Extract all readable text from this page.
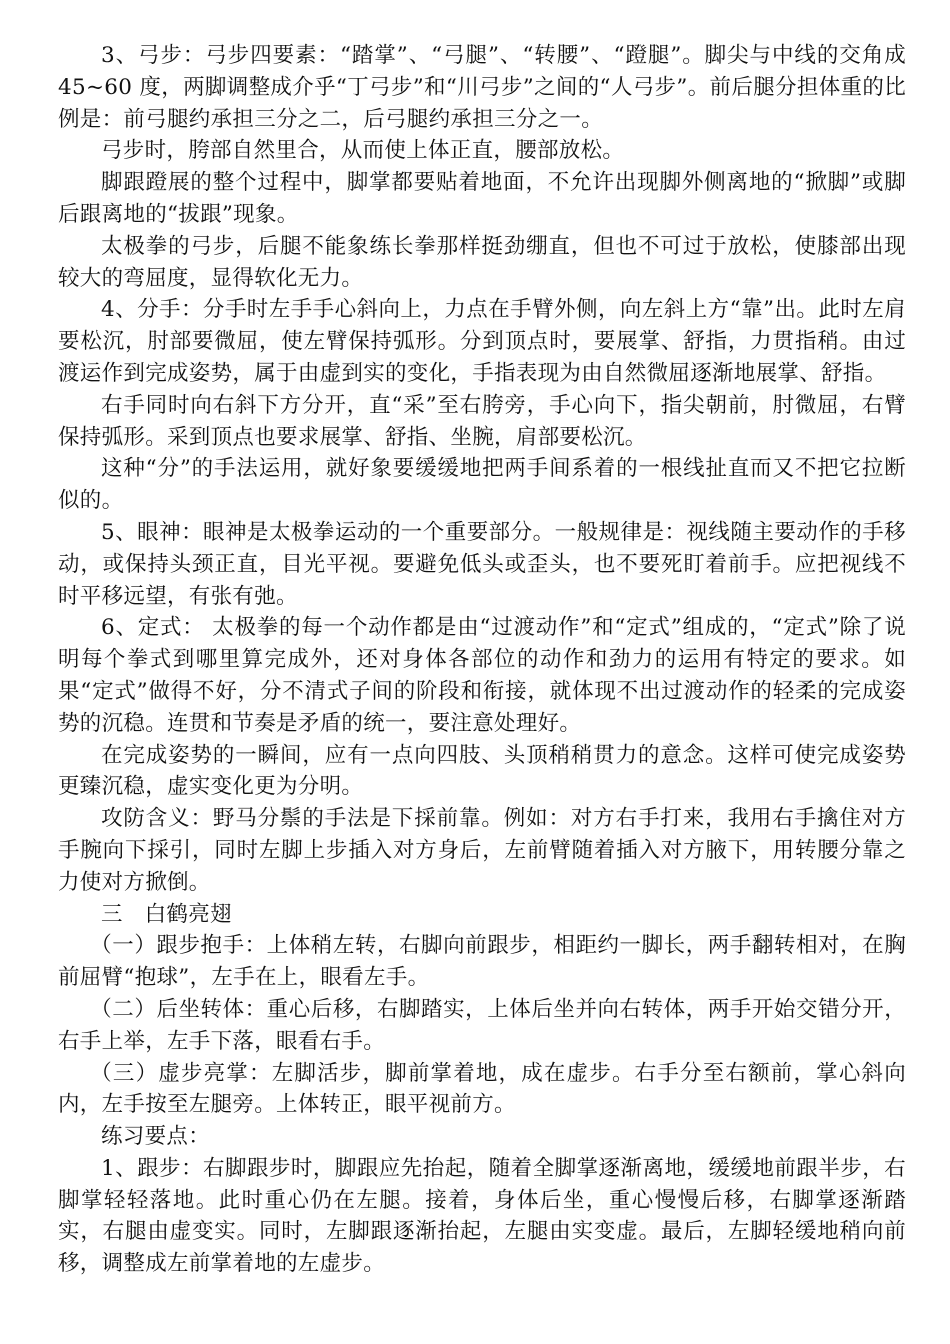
3、弓步：弓步四要素：“踏掌”、“弓腿”、“转腰”、“蹬腿”。脚尖与中线的交角成 45~60 度，两脚调整成介乎“丁弓步”和“川弓步”之间的“人弓步”。前后腿分担体重的比例是：前弓腿约承担三分之二，后弓腿约承担三分之一。

弓步时，胯部自然里合，从而使上体正直，腰部放松。

脚跟蹬展的整个过程中，脚掌都要贴着地面，不允许出现脚外侧离地的“掀脚”或脚后跟离地的“拔跟”现象。

太极拳的弓步，后腿不能象练长拳那样挺劲绷直，但也不可过于放松，使膝部出现较大的弯屈度，显得软化无力。

4、分手：分手时左手手心斜向上，力点在手臂外侧，向左斜上方“靠”出。此时左肩要松沉，肘部要微屈，使左臂保持弧形。分到顶点时，要展掌、舒指，力贯指稍。由过渡运作到完成姿势，属于由虚到实的变化，手指表现为由自然微屈逐渐地展掌、舒指。

右手同时向右斜下方分开，直“采”至右胯旁，手心向下，指尖朝前，肘微屈，右臂保持弧形。采到顶点也要求展掌、舒指、坐腕，肩部要松沉。

这种“分”的手法运用，就好象要缓缓地把两手间系着的一根线扯直而又不把它拉断似的。

5、眼神：眼神是太极拳运动的一个重要部分。一般规律是：视线随主要动作的手移动，或保持头颈正直，目光平视。要避免低头或歪头，也不要死盯着前手。应把视线不时平移远望，有张有弛。

6、定式： 太极拳的每一个动作都是由“过渡动作”和“定式”组成的，“定式”除了说明每个拳式到哪里算完成外，还对身体各部位的动作和劲力的运用有特定的要求。如果“定式”做得不好，分不清式子间的阶段和衔接，就体现不出过渡动作的轻柔的完成姿势的沉稳。连贯和节奏是矛盾的统一，要注意处理好。

在完成姿势的一瞬间，应有一点向四肢、头顶稍稍贯力的意念。这样可使完成姿势更臻沉稳，虚实变化更为分明。

攻防含义：野马分鬃的手法是下採前靠。例如：对方右手打来，我用右手擒住对方手腕向下採引，同时左脚上步插入对方身后，左前臂随着插入对方腋下，用转腰分靠之力使对方掀倒。

三　白鹤亮翅

（一）跟步抱手：上体稍左转，右脚向前跟步，相距约一脚长，两手翻转相对，在胸前屈臂“抱球”，左手在上，眼看左手。

（二）后坐转体：重心后移，右脚踏实，上体后坐并向右转体，两手开始交错分开，右手上举，左手下落，眼看右手。

（三）虚步亮掌：左脚活步，脚前掌着地，成在虚步。右手分至右额前，掌心斜向内，左手按至左腿旁。上体转正，眼平视前方。

练习要点：

1、跟步：右脚跟步时，脚跟应先抬起，随着全脚掌逐渐离地，缓缓地前跟半步，右脚掌轻轻落地。此时重心仍在左腿。接着，身体后坐，重心慢慢后移，右脚掌逐渐踏实，右腿由虚变实。同时，左脚跟逐渐抬起，左腿由实变虚。最后，左脚轻缓地稍向前移，调整成左前掌着地的左虚步。
